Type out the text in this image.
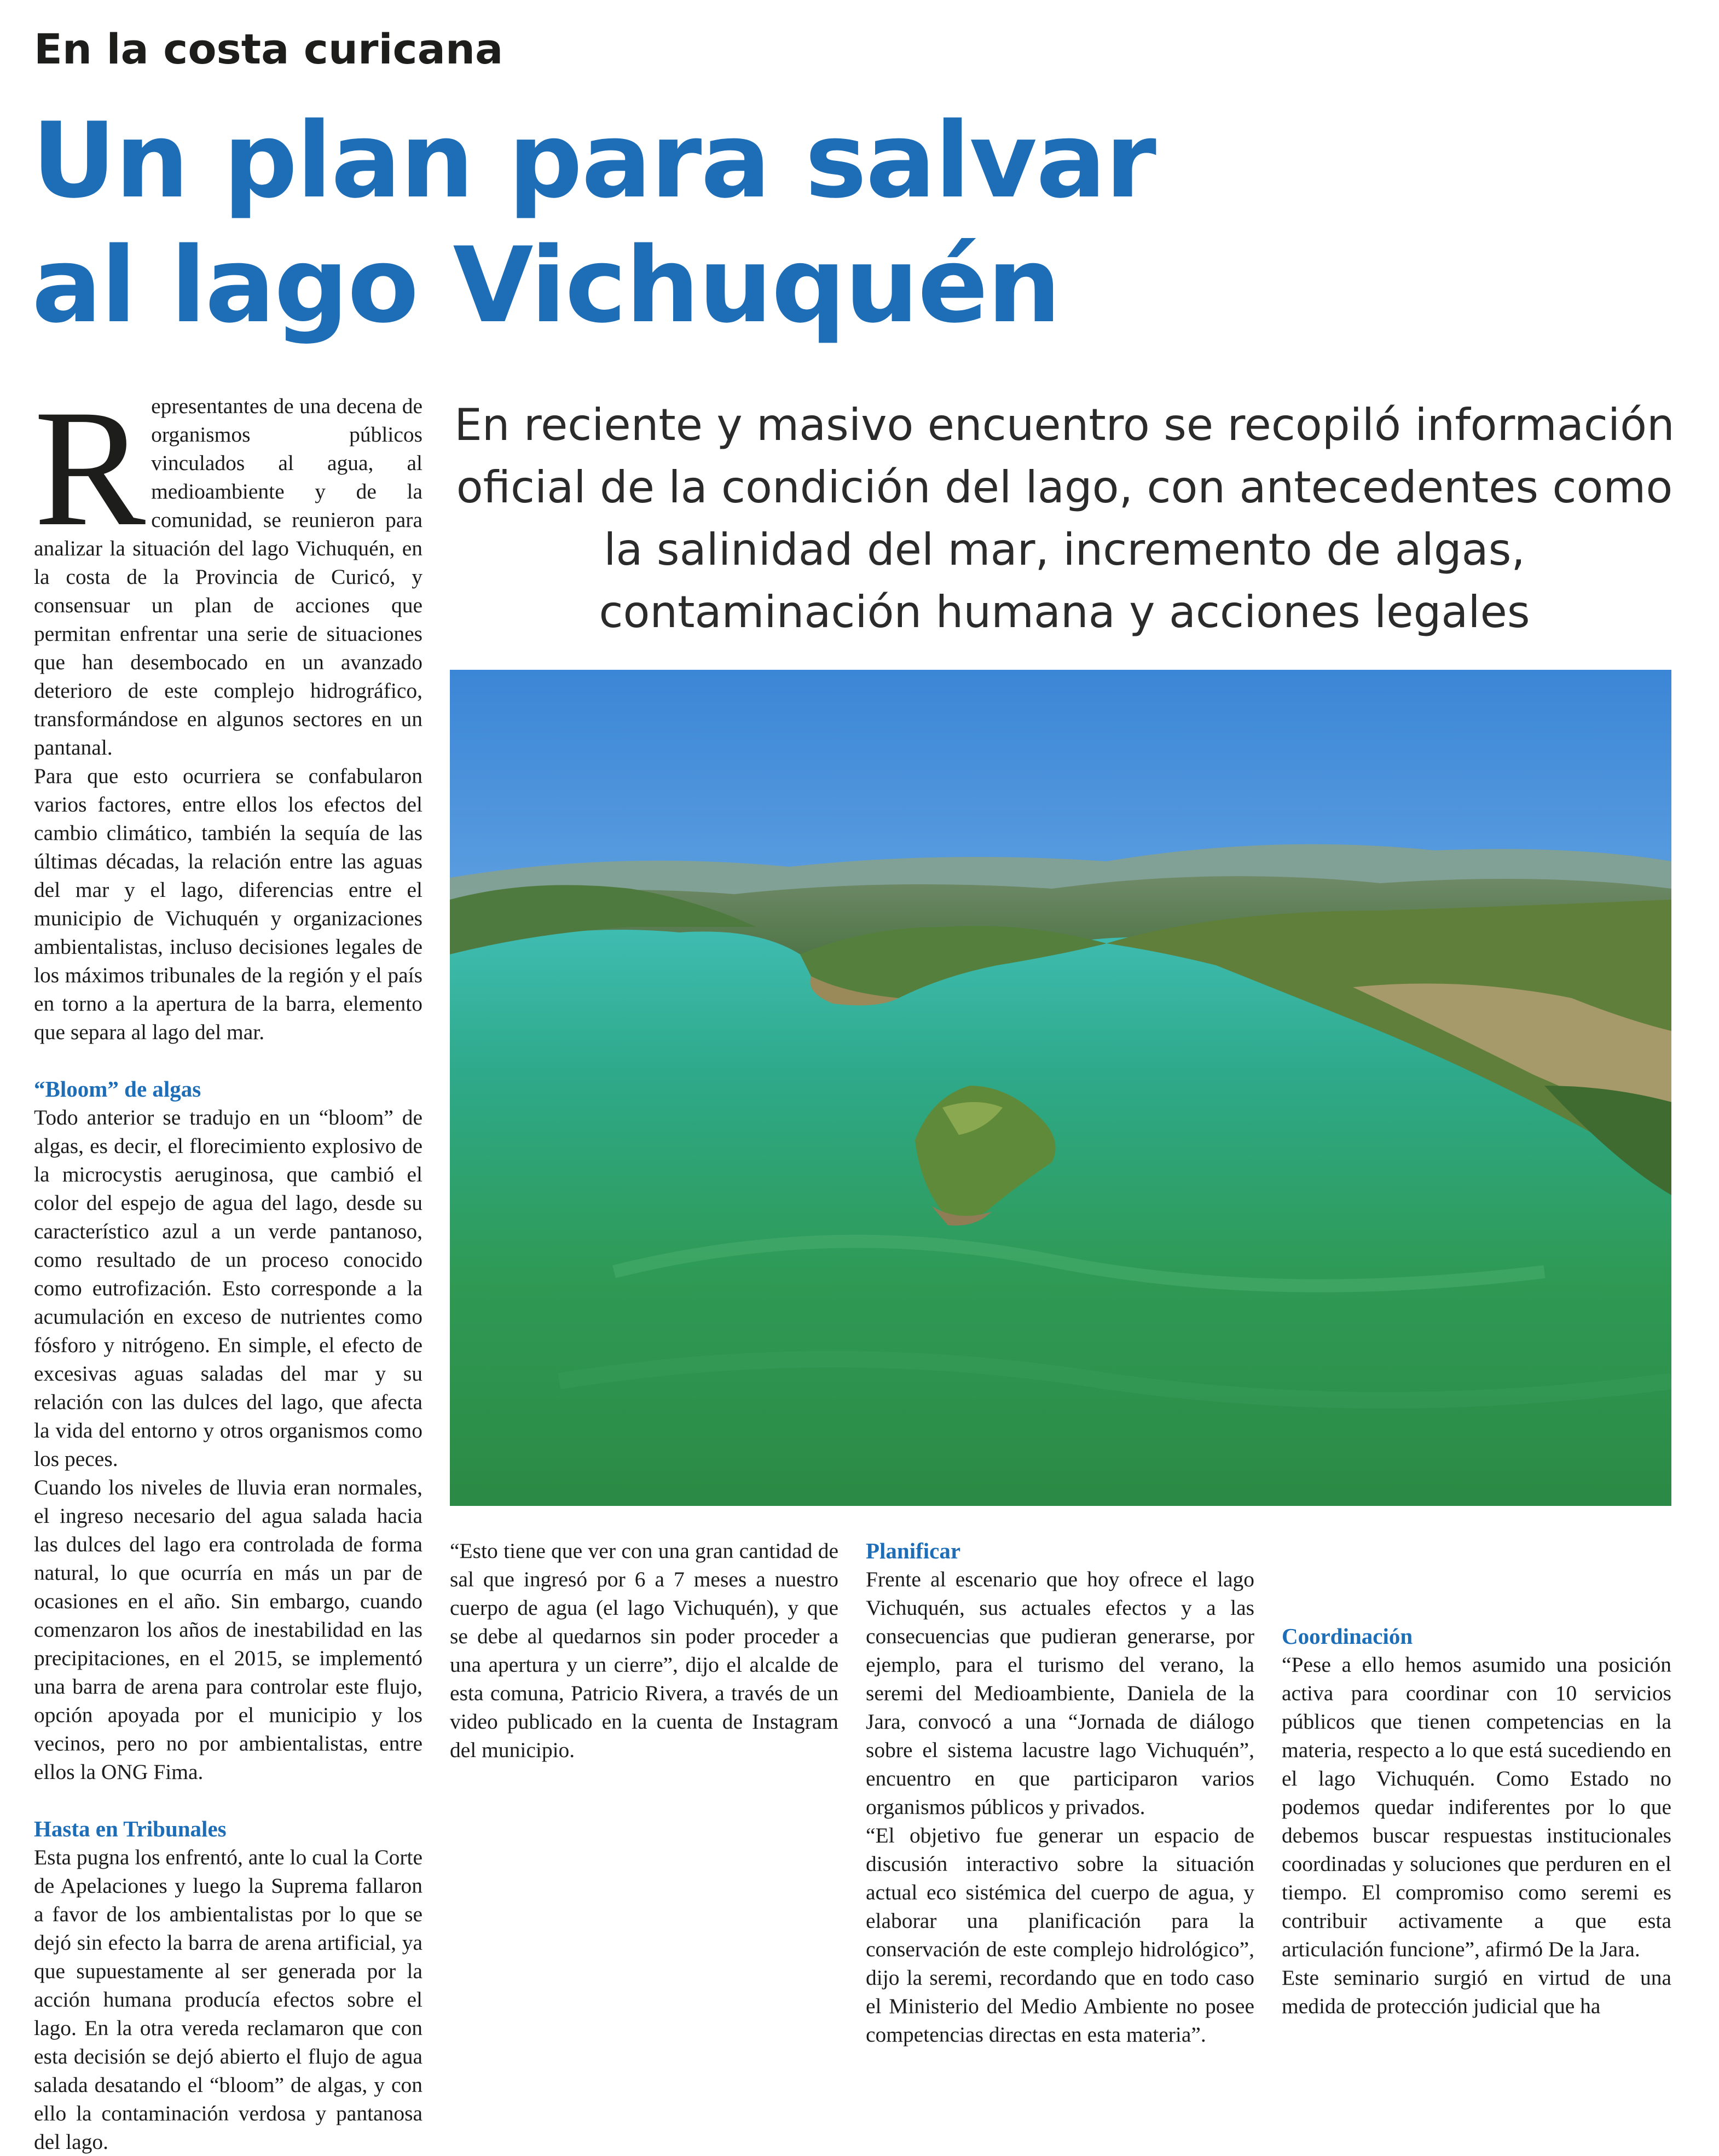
En la costa curicana
Un plan para salvar
al lago Vichuquén

En reciente y masivo encuentro se recopiló información oficial de la condición del lago, con antecedentes como la salinidad del mar, incremento de algas, contaminación humana y acciones legales

R epresentantes de una decena de organismos públicos vinculados al agua, al medioambiente y de la comunidad, se reunieron para analizar la situación del lago Vichuquén, en la costa de la Provincia de Curicó, y consensuar un plan de acciones que permitan enfrentar una serie de situaciones que han desembocado en un avanzado deterioro de este complejo hidrográfico, transformándose en algunos sectores en un pantanal.

Para que esto ocurriera se confabularon varios factores, entre ellos los efectos del cambio climático, también la sequía de las últimas décadas, la relación entre las aguas del mar y el lago, diferencias entre el municipio de Vichuquén y organizaciones ambientalistas, incluso decisiones legales de los máximos tribunales de la región y el país en torno a la apertura de la barra, elemento que separa al lago del mar.

“Bloom” de algas

Todo anterior se tradujo en un “bloom” de algas, es decir, el florecimiento explosivo de la microcystis aeruginosa, que cambió el color del espejo de agua del lago, desde su característico azul a un verde pantanoso, como resultado de un proceso conocido como eutrofización. Esto corresponde a la acumulación en exceso de nutrientes como fósforo y nitrógeno. En simple, el efecto de excesivas aguas saladas del mar y su relación con las dulces del lago, que afecta la vida del entorno y otros organismos como los peces.

Cuando los niveles de lluvia eran normales, el ingreso necesario del agua salada hacia las dulces del lago era controlada de forma natural, lo que ocurría en más un par de ocasiones en el año. Sin embargo, cuando comenzaron los años de inestabilidad en las precipitaciones, en el 2015, se implementó una barra de arena para controlar este flujo, opción apoyada por el municipio y los vecinos, pero no por ambientalistas, entre ellos la ONG Fima.

Hasta en Tribunales

Esta pugna los enfrentó, ante lo cual la Corte de Apelaciones y luego la Suprema fallaron a favor de los ambientalistas por lo que se dejó sin efecto la barra de arena artificial, ya que supuestamente al ser generada por la acción humana producía efectos sobre el lago. En la otra vereda reclamaron que con esta decisión se dejó abierto el flujo de agua salada desatando el “bloom” de algas, y con ello la contaminación verdosa y pantanosa del lago.

“Esto tiene que ver con una gran cantidad de sal que ingresó por 6 a 7 meses a nuestro cuerpo de agua (el lago Vichuquén), y que se debe al quedarnos sin poder proceder a una apertura y un cierre”, dijo el alcalde de esta comuna, Patricio Rivera, a través de un video publicado en la cuenta de Instagram del municipio.

Planificar

Frente al escenario que hoy ofrece el lago Vichuquén, sus actuales efectos y a las consecuencias que pudieran generarse, por ejemplo, para el turismo del verano, la seremi del Medioambiente, Daniela de la Jara, convocó a una “Jornada de diálogo sobre el sistema lacustre lago Vichuquén”, encuentro en que participaron varios organismos públicos y privados.

“El objetivo fue generar un espacio de discusión interactivo sobre la situación actual eco sistémica del cuerpo de agua, y elaborar una planificación para la conservación de este complejo hidrológico”, dijo la seremi, recordando que en todo caso el Ministerio del Medio Ambiente no posee competencias directas en esta materia”.

Coordinación

“Pese a ello hemos asumido una posición activa para coordinar con 10 servicios públicos que tienen competencias en la materia, respecto a lo que está sucediendo en el lago Vichuquén. Como Estado no podemos quedar indiferentes por lo que debemos buscar respuestas institucionales coordinadas y soluciones que perduren en el tiempo. El compromiso como seremi es contribuir activamente a que esta articulación funcione”, afirmó De la Jara.

Este seminario surgió en virtud de una medida de protección judicial que ha
